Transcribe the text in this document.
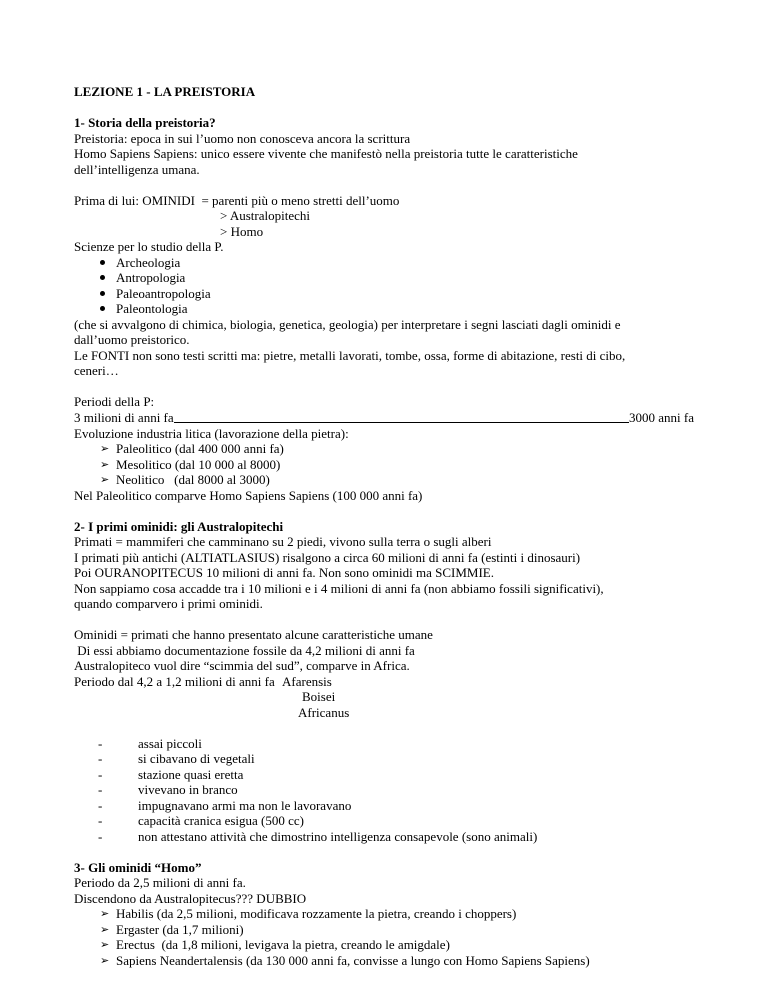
LEZIONE 1 - LA PREISTORIA
1- Storia della preistoria?
Preistoria: epoca in sui l’uomo non conosceva ancora la scrittura
Homo Sapiens Sapiens: unico essere vivente che manifestò nella preistoria tutte le caratteristiche
dell’intelligenza umana.
Prima di lui: OMINIDI  = parenti più o meno stretti dell’uomo
> Australopitechi
> Homo
Scienze per lo studio della P.
Archeologia
Antropologia
Paleoantropologia
Paleontologia
(che si avvalgono di chimica, biologia, genetica, geologia) per interpretare i segni lasciati dagli ominidi e
dall’uomo preistorico.
Le FONTI non sono testi scritti ma: pietre, metalli lavorati, tombe, ossa, forme di abitazione, resti di cibo,
ceneri…
Periodi della P:
3 milioni di anni fa	3000 anni fa
Evoluzione industria litica (lavorazione della pietra):
➢ Paleolitico (dal 400 000 anni fa)
➢ Mesolitico (dal 10 000 al 8000)
➢ Neolitico   (dal 8000 al 3000)
Nel Paleolitico comparve Homo Sapiens Sapiens (100 000 anni fa)
2- I primi ominidi: gli Australopitechi
Primati = mammiferi che camminano su 2 piedi, vivono sulla terra o sugli alberi
I primati più antichi (ALTIATLASIUS) risalgono a circa 60 milioni di anni fa (estinti i dinosauri)
Poi OURANOPITECUS 10 milioni di anni fa. Non sono ominidi ma SCIMMIE.
Non sappiamo cosa accadde tra i 10 milioni e i 4 milioni di anni fa (non abbiamo fossili significativi),
quando comparvero i primi ominidi.
Ominidi = primati che hanno presentato alcune caratteristiche umane
Di essi abbiamo documentazione fossile da 4,2 milioni di anni fa
Australopiteco vuol dire “scimmia del sud”, comparve in Africa.
Periodo dal 4,2 a 1,2 milioni di anni fa Afarensis
Boisei
Africanus
- assai piccoli
- si cibavano di vegetali
- stazione quasi eretta
- vivevano in branco
- impugnavano armi ma non le lavoravano
- capacità cranica esigua (500 cc)
- non attestano attività che dimostrino intelligenza consapevole (sono animali)
3- Gli ominidi “Homo”
Periodo da 2,5 milioni di anni fa.
Discendono da Australopitecus??? DUBBIO
➢ Habilis (da 2,5 milioni, modificava rozzamente la pietra, creando i choppers)
➢ Ergaster (da 1,7 milioni)
➢ Erectus  (da 1,8 milioni, levigava la pietra, creando le amigdale)
➢ Sapiens Neandertalensis (da 130 000 anni fa, convisse a lungo con Homo Sapiens Sapiens)
